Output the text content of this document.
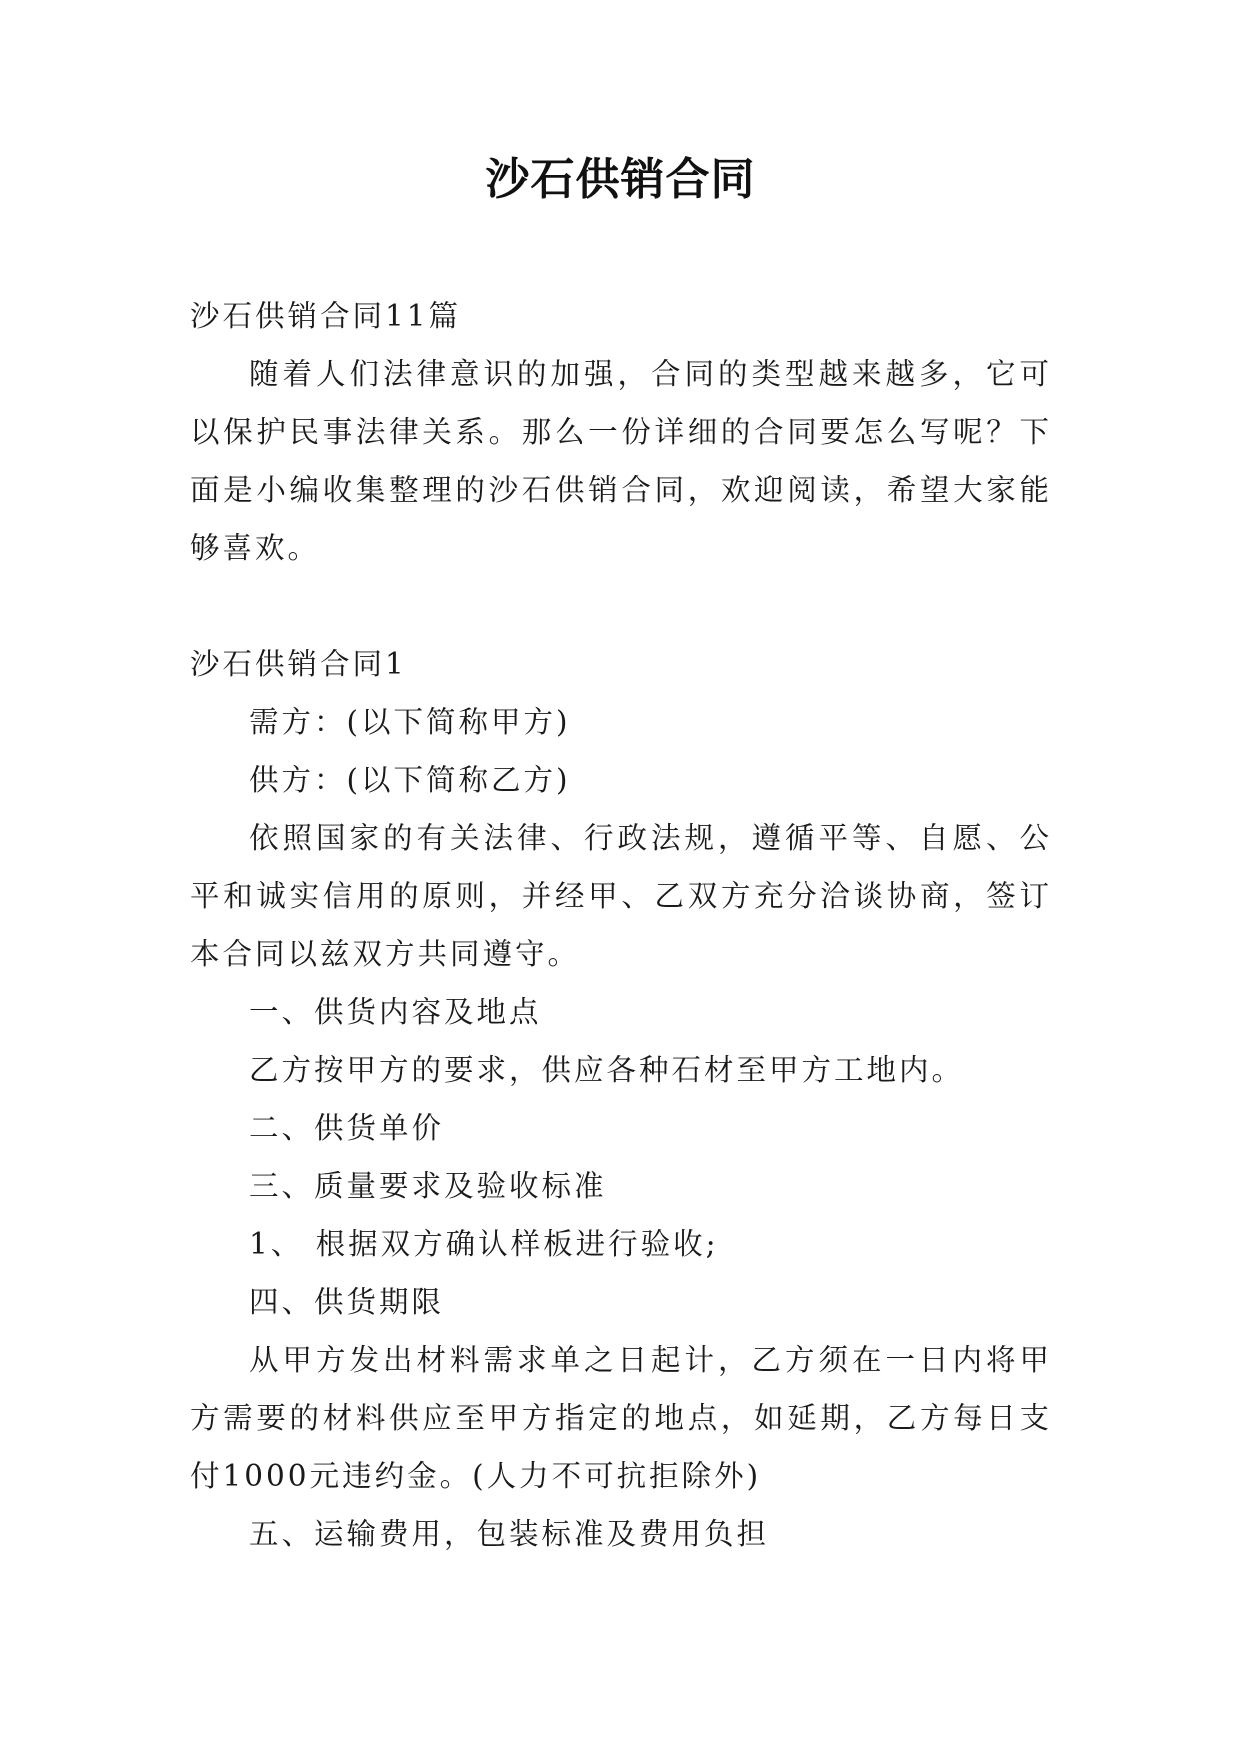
沙石供销合同

沙石供销合同11篇

随着人们法律意识的加强，合同的类型越来越多，它可以保护民事法律关系。那么一份详细的合同要怎么写呢？下面是小编收集整理的沙石供销合同，欢迎阅读，希望大家能够喜欢。

沙石供销合同1

需方：(以下简称甲方)

供方：(以下简称乙方)

依照国家的有关法律、行政法规，遵循平等、自愿、公平和诚实信用的原则，并经甲、乙双方充分洽谈协商，签订本合同以兹双方共同遵守。

一、供货内容及地点

乙方按甲方的要求，供应各种石材至甲方工地内。

二、供货单价

三、质量要求及验收标准

1、 根据双方确认样板进行验收;

四、供货期限

从甲方发出材料需求单之日起计，乙方须在一日内将甲方需要的材料供应至甲方指定的地点，如延期，乙方每日支付1000元违约金。(人力不可抗拒除外)

五、运输费用，包装标准及费用负担
